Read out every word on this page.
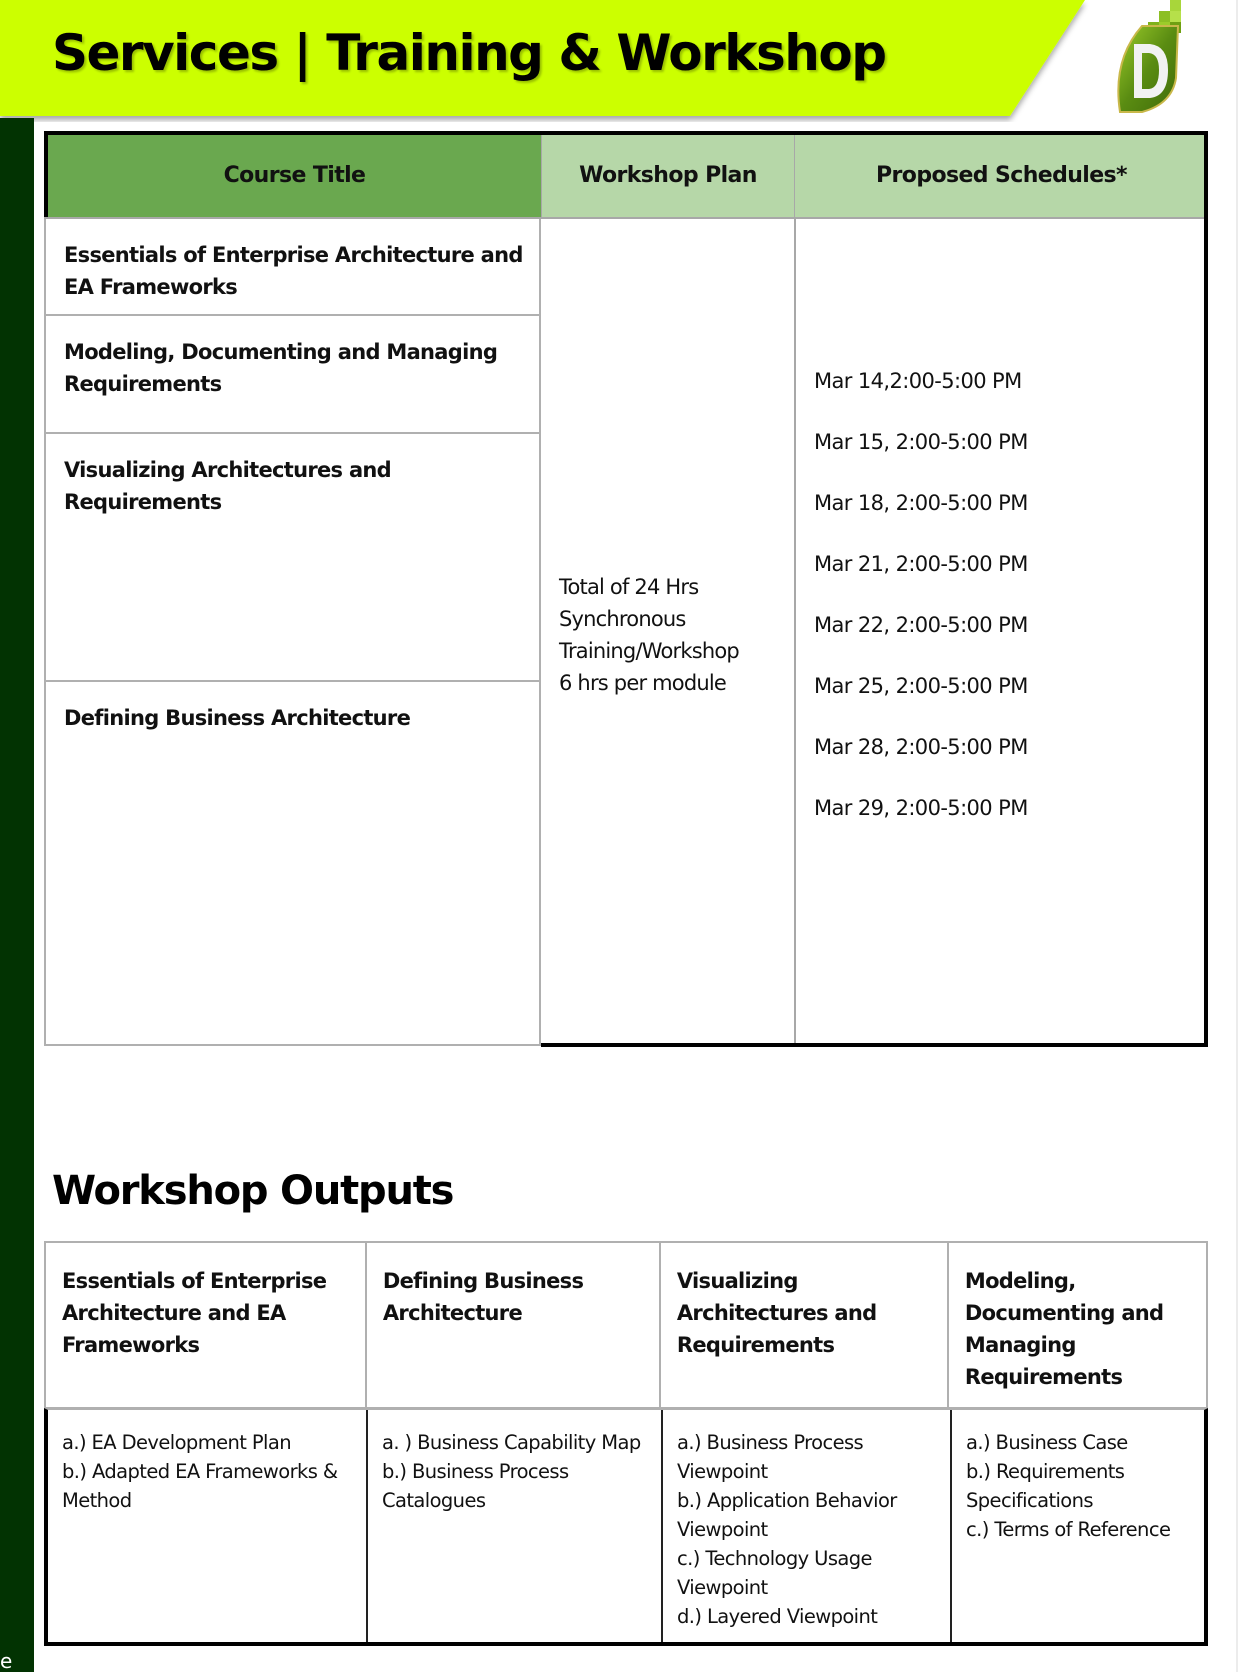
Services | Training & Workshop
e
Course Title	Workshop Plan	Proposed Schedules*
Essentials of Enterprise Architecture and EA Frameworks
Modeling, Documenting and Managing Requirements
Visualizing Architectures and Requirements
Defining Business Architecture
Total of 24 Hrs
Synchronous
Training/Workshop
6 hrs per module
Mar 14,2:00-5:00 PM
Mar 15, 2:00-5:00 PM
Mar 18, 2:00-5:00 PM
Mar 21, 2:00-5:00 PM
Mar 22, 2:00-5:00 PM
Mar 25, 2:00-5:00 PM
Mar 28, 2:00-5:00 PM
Mar 29, 2:00-5:00 PM
Workshop Outputs
Essentials of Enterprise Architecture and EA Frameworks
Defining Business Architecture
Visualizing Architectures and Requirements
Modeling, Documenting and Managing Requirements
a.) EA Development Plan
b.) Adapted EA Frameworks & Method
a. ) Business Capability Map
b.) Business Process Catalogues
a.) Business Process Viewpoint
b.) Application Behavior Viewpoint
c.) Technology Usage Viewpoint
d.) Layered Viewpoint
a.) Business Case
b.) Requirements Specifications
c.) Terms of Reference
